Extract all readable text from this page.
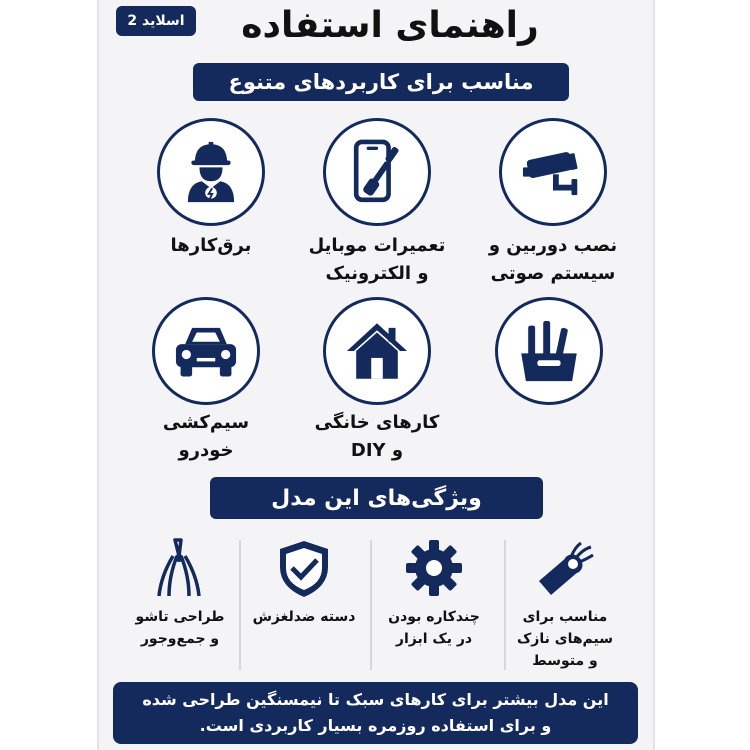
اسلاید 2	راهنمای استفاده
مناسب برای کاربردهای متنوع
نصب دوربین و
سیستم صوتی
تعمیرات موبایل
و الکترونیک
برق‌کارها
کارهای خانگی
و DIY
سیم‌کشی
خودرو
ویژگی‌های این مدل
مناسب برای
سیم‌های نازک
و متوسط
چندکاره بودن
در یک ابزار
دسته ضدلغزش
طراحی تاشو
و جمع‌وجور
این مدل بیشتر برای کارهای سبک تا نیمسنگین طراحی شده
و برای استفاده روزمره بسیار کاربردی است.
